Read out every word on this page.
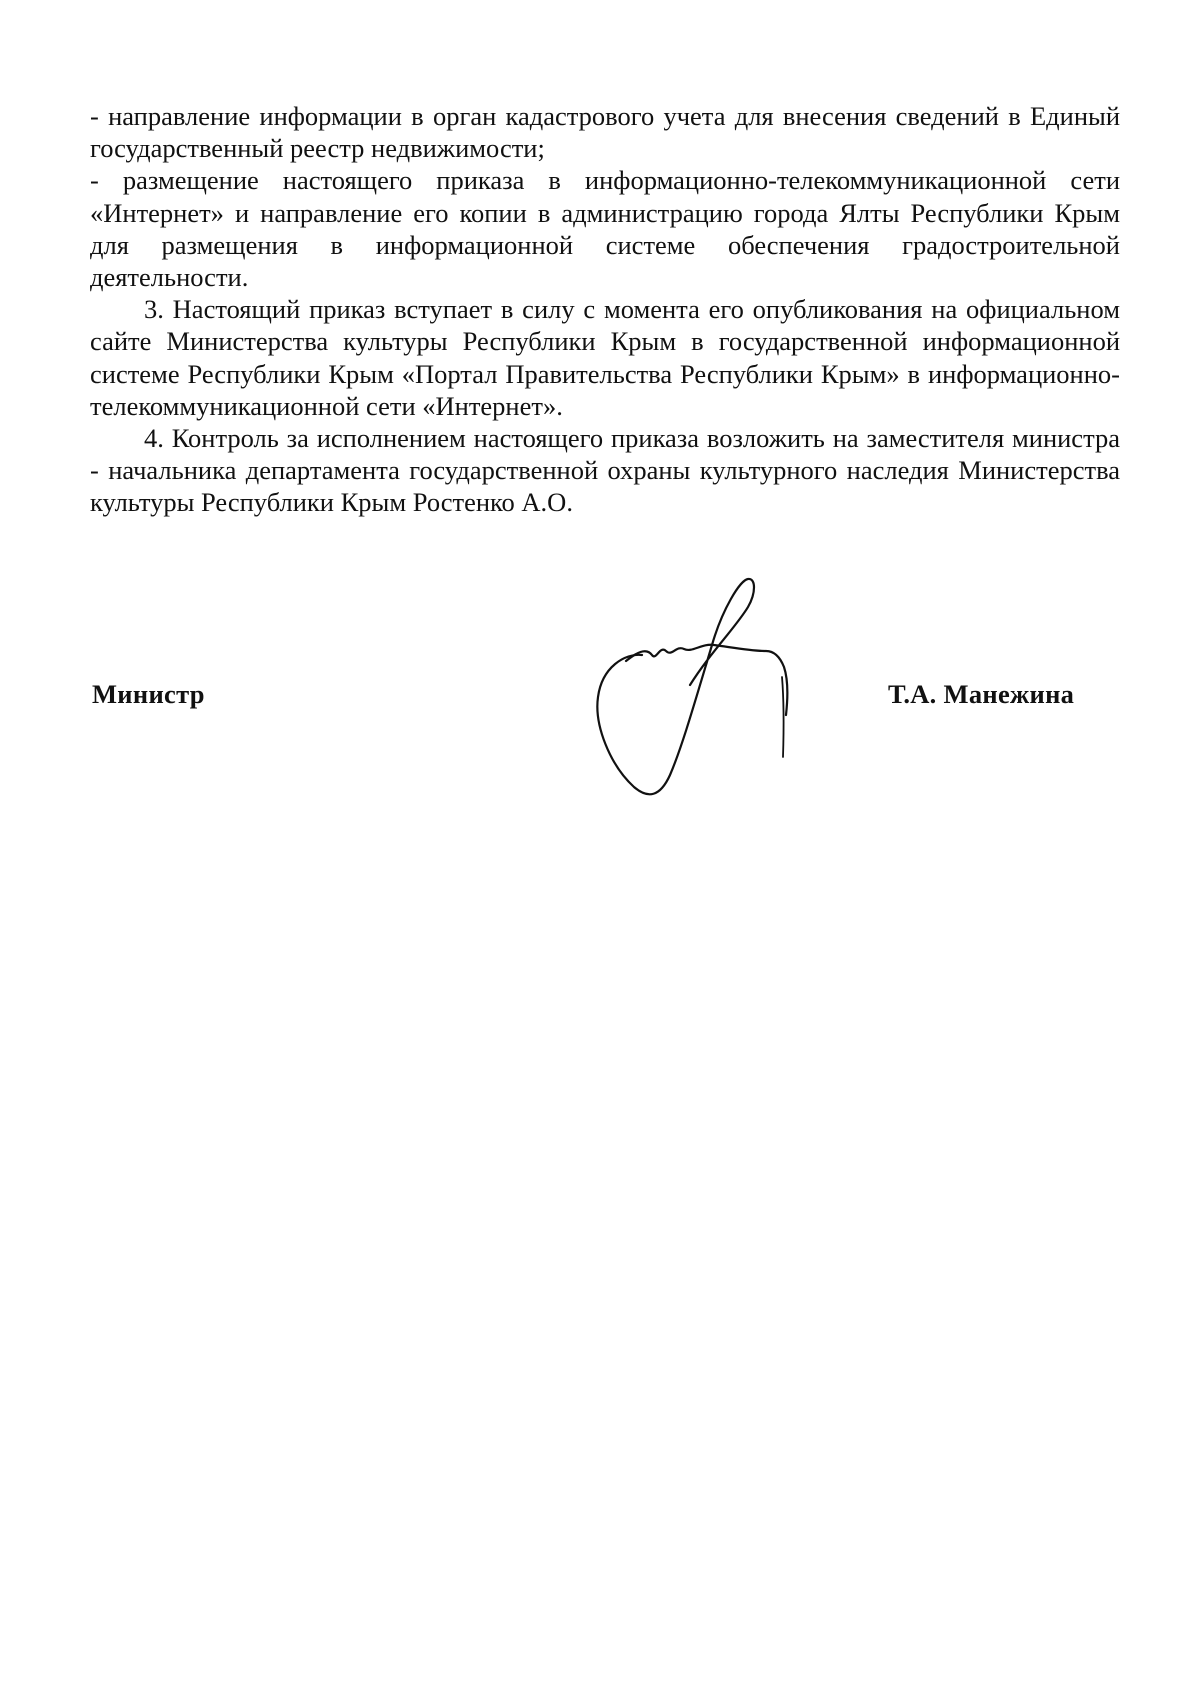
- направление информации в орган кадастрового учета для внесения сведений в Единый государственный реестр недвижимости;

- размещение настоящего приказа в информационно-телекоммуникационной сети «Интернет» и направление его копии в администрацию города Ялты Республики Крым для размещения в информационной системе обеспечения градостроительной деятельности.

3. Настоящий приказ вступает в силу с момента его опубликования на официальном сайте Министерства культуры Республики Крым в государственной информационной системе Республики Крым «Портал Правительства Республики Крым» в информационно-телекоммуникационной сети «Интернет».

4. Контроль за исполнением настоящего приказа возложить на заместителя министра - начальника департамента государственной охраны культурного наследия Министерства культуры Республики Крым Ростенко А.О.

Министр	Т.А. Манежина
